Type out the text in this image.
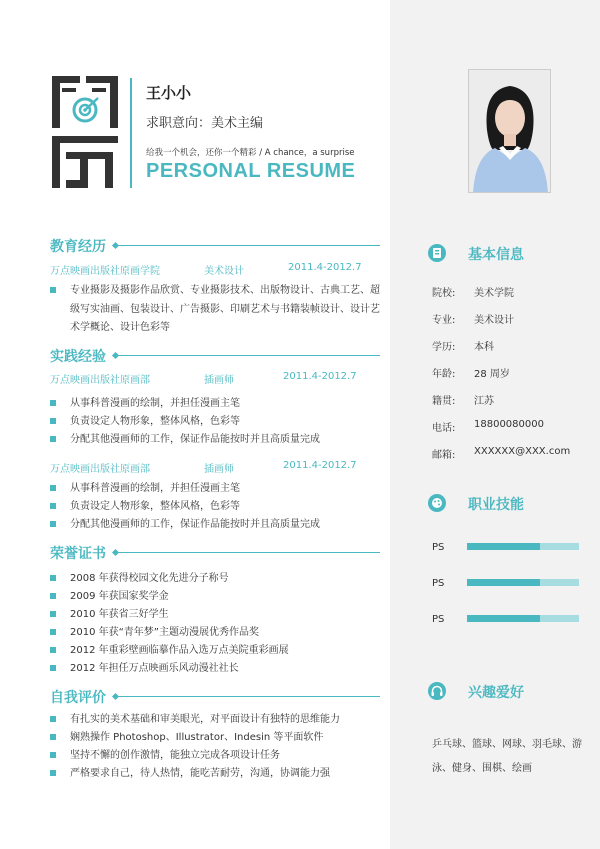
王小小
求职意向：美术主编
给我一个机会，还你一个精彩 / A chance，a surprise
PERSONAL RESUME
教育经历
万点映画出版社原画学院	美术设计	2011.4-2012.7
专业摄影及摄影作品欣赏、专业摄影技术、出版物设计、古典工艺、超级写实油画、包装设计、广告摄影、印刷艺术与书籍装帧设计、设计艺术学概论、设计色彩等
实践经验
万点映画出版社原画部	插画师	2011.4-2012.7
从事科普漫画的绘制，并担任漫画主笔
负责设定人物形象，整体风格，色彩等
分配其他漫画师的工作，保证作品能按时并且高质量完成
万点映画出版社原画部	插画师	2011.4-2012.7
从事科普漫画的绘制，并担任漫画主笔
负责设定人物形象，整体风格，色彩等
分配其他漫画师的工作，保证作品能按时并且高质量完成
荣誉证书
2008 年获得校园文化先进分子称号
2009 年获国家奖学金
2010 年获省三好学生
2010 年获“青年梦”主题动漫展优秀作品奖
2012 年重彩壁画临摹作品入选万点美院重彩画展
2012 年担任万点映画乐风动漫社社长
自我评价
有扎实的美术基础和审美眼光，对平面设计有独特的思维能力
娴熟操作 Photoshop、Illustrator、Indesin 等平面软件
坚持不懈的创作激情，能独立完成各项设计任务
严格要求自己，待人热情，能吃苦耐劳，沟通，协调能力强
基本信息
院校: 美术学院
专业: 美术设计
学历: 本科
年龄: 28 周岁
籍贯: 江苏
电话: 18800080000
邮箱: XXXXXX@XXX.com
职业技能
PS
PS
PS
兴趣爱好
乒乓球、篮球、网球、羽毛球、游泳、健身、围棋、绘画
